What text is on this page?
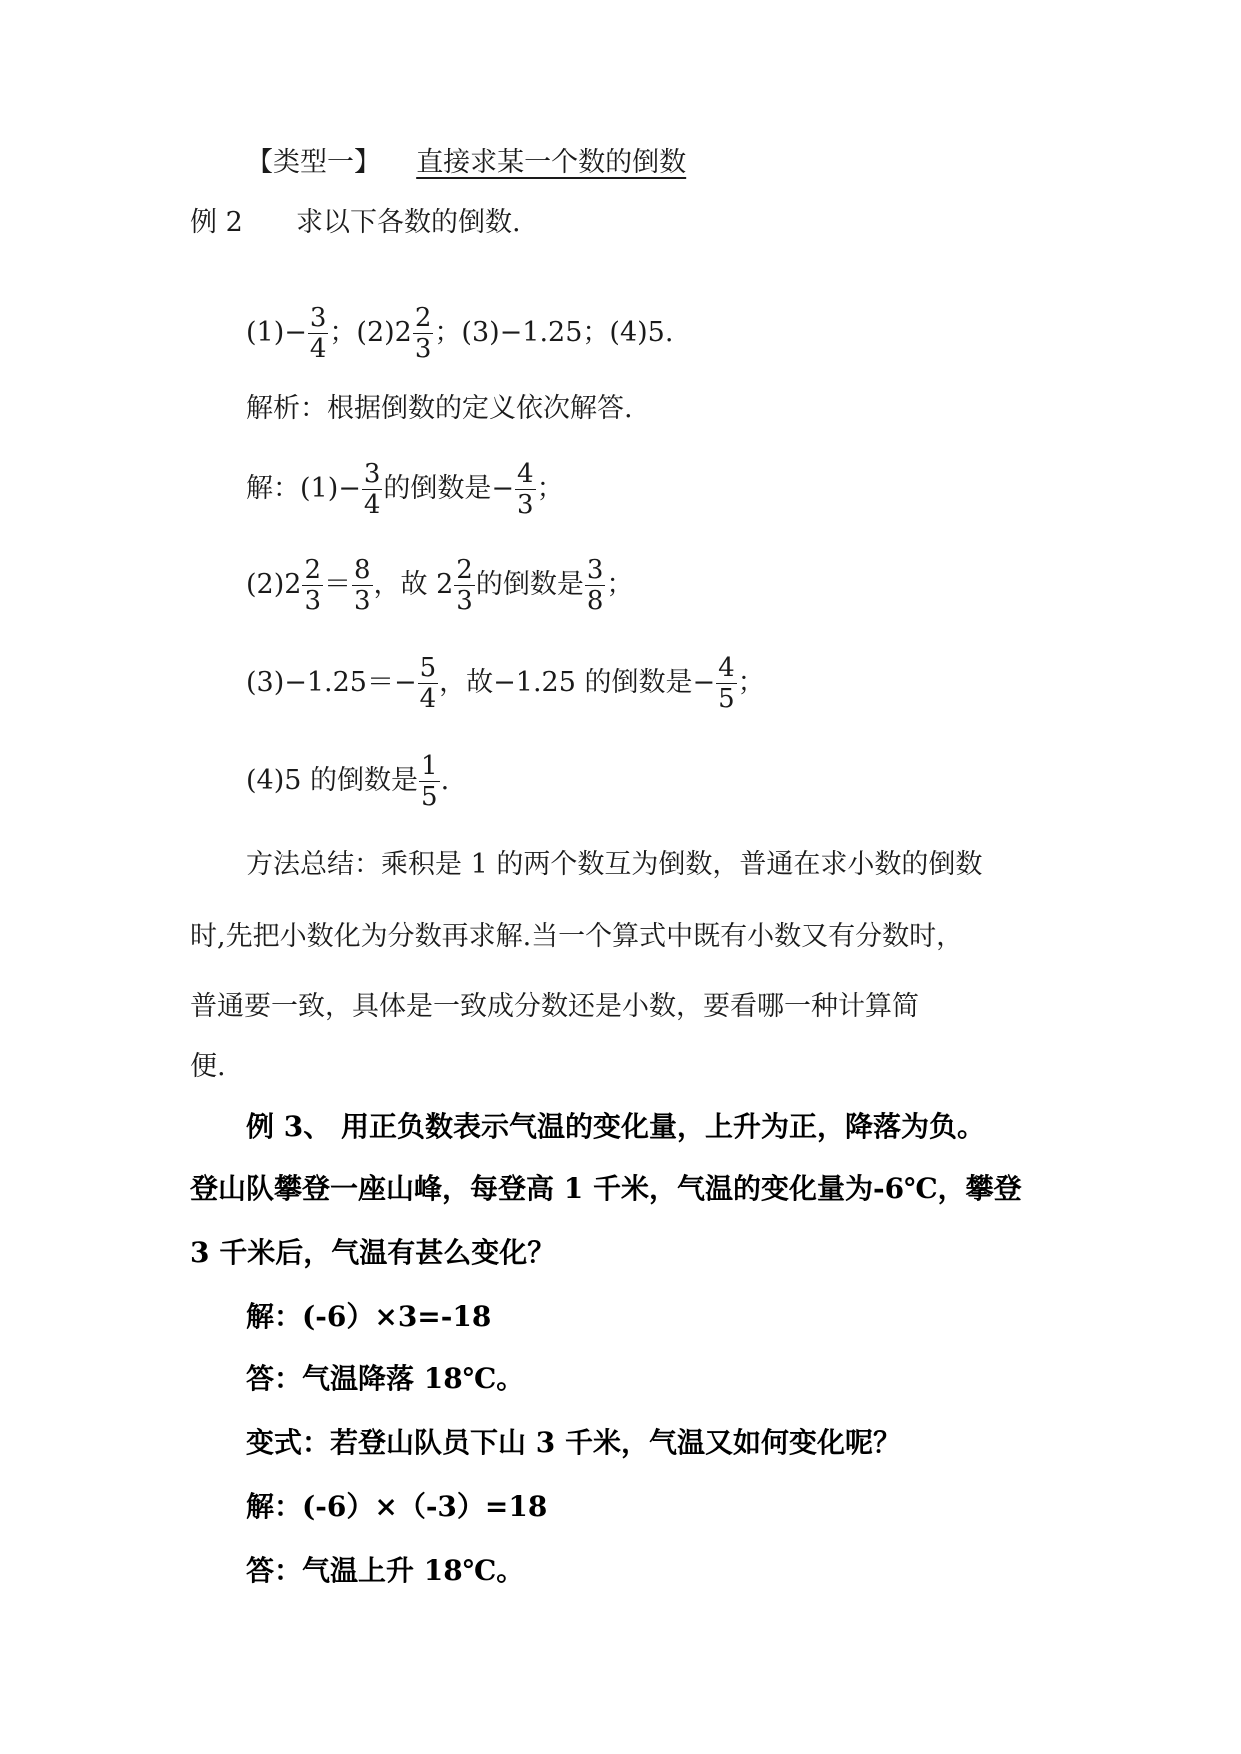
【类型一】 直接求某一个数的倒数
例 2 求以下各数的倒数.
$(1)- \frac{3}{4}$ ；$(2)2 \frac{2}{3}$ ；(3)−1.25；(4)5.
解析：根据倒数的定义依次解答.
解：$(1)- \frac{3}{4}$ 的倒数是− $\frac{4}{3}$ ；
$(2)2 \frac{2}{3} = \frac{8}{3}$ ，故 $2 \frac{2}{3}$ 的倒数是 $\frac{3}{8}$ ；
$(3)-1.25=- \frac{5}{4}$ ，故−1.25 的倒数是− $\frac{4}{5}$ ；
(4)5 的倒数是 $\frac{1}{5}$ .
方法总结：乘积是 1 的两个数互为倒数，普通在求小数的倒数
时,先把小数化为分数再求解.当一个算式中既有小数又有分数时，
普通要一致，具体是一致成分数还是小数，要看哪一种计算简
便.
例 3、 用正负数表示气温的变化量，上升为正，降落为负。
登山队攀登一座山峰，每登高 1 千米，气温的变化量为-6℃，攀登
3 千米后，气温有甚么变化？
解：(-6）×3=-18
答：气温降落 18℃。
变式：若登山队员下山 3 千米，气温又如何变化呢？
解：(-6）×（-3）=18
答：气温上升 18℃。
